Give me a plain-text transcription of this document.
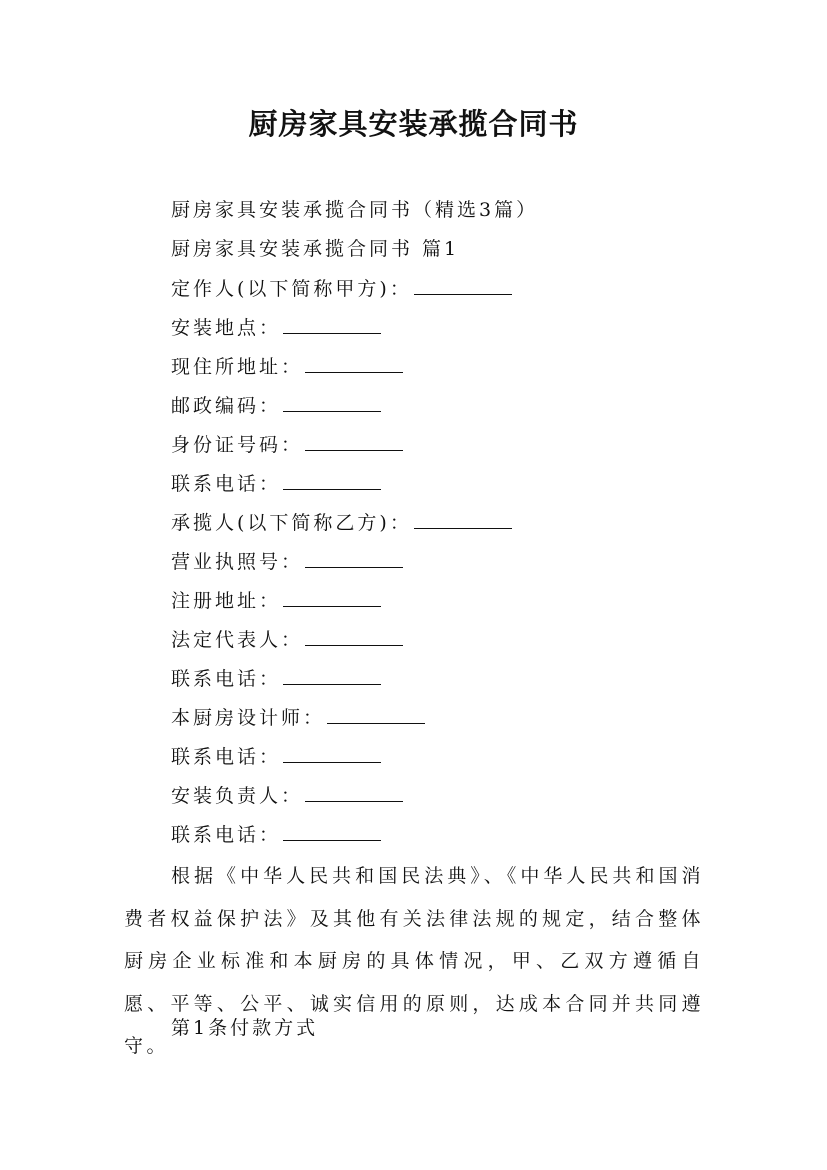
厨房家具安装承揽合同书
厨房家具安装承揽合同书（精选3篇）
厨房家具安装承揽合同书 篇1
定作人(以下简称甲方)：
安装地点：
现住所地址：
邮政编码：
身份证号码：
联系电话：
承揽人(以下简称乙方)：
营业执照号：
注册地址：
法定代表人：
联系电话：
本厨房设计师：
联系电话：
安装负责人：
联系电话：
根据《中华人民共和国民法典》、《中华人民共和国消费者权益保护法》及其他有关法律法规的规定，结合整体厨房企业标准和本厨房的具体情况，甲、乙双方遵循自愿、平等、公平、诚实信用的原则，达成本合同并共同遵守。
第1条付款方式
